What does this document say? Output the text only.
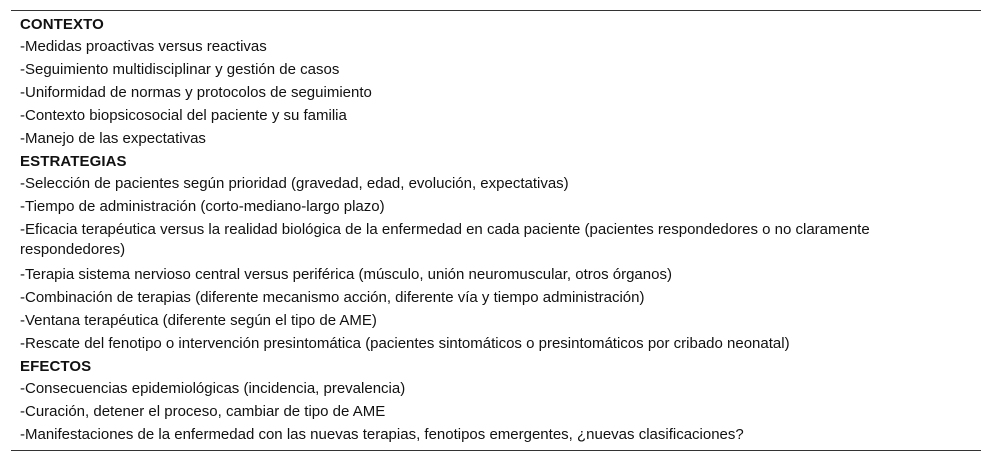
CONTEXTO
-Medidas proactivas versus reactivas
-Seguimiento multidisciplinar y gestión de casos
-Uniformidad de normas y protocolos de seguimiento
-Contexto biopsicosocial del paciente y su familia
-Manejo de las expectativas
ESTRATEGIAS
-Selección de pacientes según prioridad (gravedad, edad, evolución, expectativas)
-Tiempo de administración (corto-mediano-largo plazo)
-Eficacia terapéutica versus la realidad biológica de la enfermedad en cada paciente (pacientes respondedores o no claramente respondedores)
-Terapia sistema nervioso central versus periférica (músculo, unión neuromuscular, otros órganos)
-Combinación de terapias (diferente mecanismo acción, diferente vía y tiempo administración)
-Ventana terapéutica (diferente según el tipo de AME)
-Rescate del fenotipo o intervención presintomática (pacientes sintomáticos o presintomáticos por cribado neonatal)
EFECTOS
-Consecuencias epidemiológicas (incidencia, prevalencia)
-Curación, detener el proceso, cambiar de tipo de AME
-Manifestaciones de la enfermedad con las nuevas terapias, fenotipos emergentes, ¿nuevas clasificaciones?
